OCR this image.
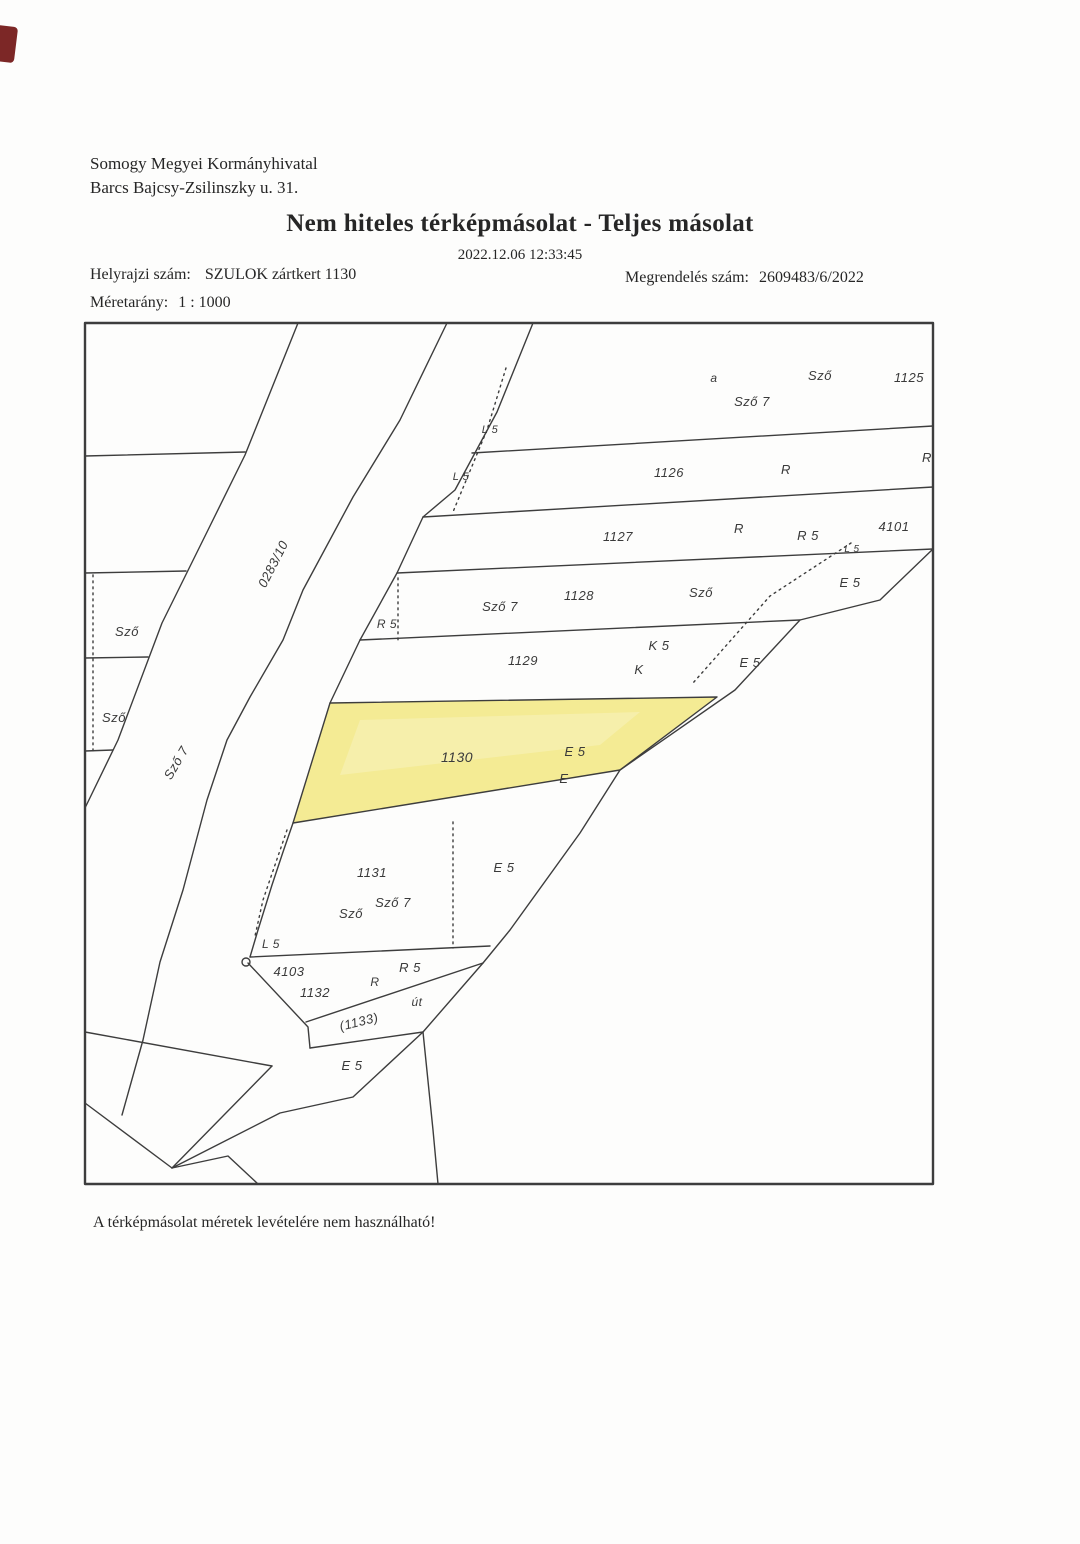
Somogy Megyei Kormányhivatal
Barcs Bajcsy-Zsilinszky u. 31.
Nem hiteles térképmásolat - Teljes másolat
2022.12.06 12:33:45
Helyrajzi szám: SZULOK zártkert 1130	Megrendelés szám: 2609483/6/2022
Méretarány: 1 : 1000
a	Sző	1125
Sző 7
L 5
L 5	1126	R
R
1127
R	R 5
4101
L 5
E 5
R 5
Sző 7
1128	Sző
K 5
1129
K	E 5
1130	E 5
E
1131	E 5
Sző 7
Sző
L 5
4103	R 5
R
1132
út
(1133)
E 5
0283/10
Sző 7
Sző
Sző
A térképmásolat méretek levételére nem használható!
